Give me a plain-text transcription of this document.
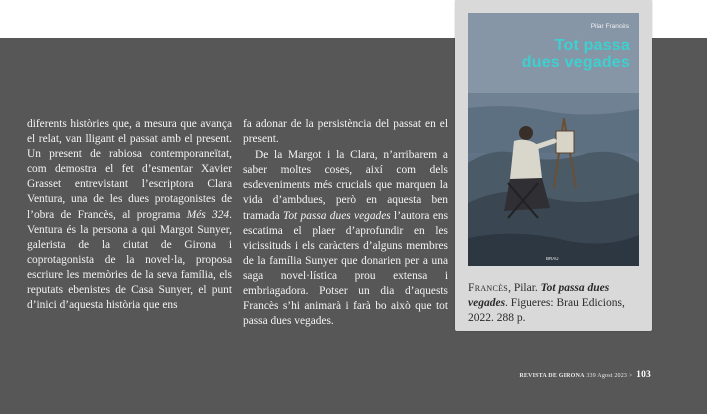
diferents històries que, a mesura que avança el relat, van lligant el passat amb el present. Un present de rabiosa contemporaneïtat, com demostra el fet d’esmentar Xavier Grasset entrevistant l’escriptora Clara Ventura, una de les dues protagonistes de l’obra de Francès, al programa Més 324. Ventura és la persona a qui Margot Sunyer, galerista de la ciutat de Girona i coprotagonista de la novel·la, proposa escriure les memòries de la seva família, els reputats ebenistes de Casa Sunyer, el punt d’inici d’aquesta història que ens

fa adonar de la persistència del passat en el present.

De la Margot i la Clara, n’arribarem a saber moltes coses, així com dels esdeveniments més crucials que marquen la vida d’ambdues, però en aquesta ben tramada Tot passa dues vegades l’autora ens escatima el plaer d’aprofundir en les vicissituds i els caràcters d’alguns membres de la família Sunyer que donarien per a una saga novel·lística prou extensa i embriagadora. Potser un dia d’aquests Francès s’hi animarà i farà bo això que tot passa dues vegades.

Pilar Francès
Tot passa
dues vegades
BRAU
Francès, Pilar. Tot passa dues vegades. Figueres: Brau Edicions, 2022. 288 p.
REVISTA DE GIRONA 339 Agost 2023 > 103
